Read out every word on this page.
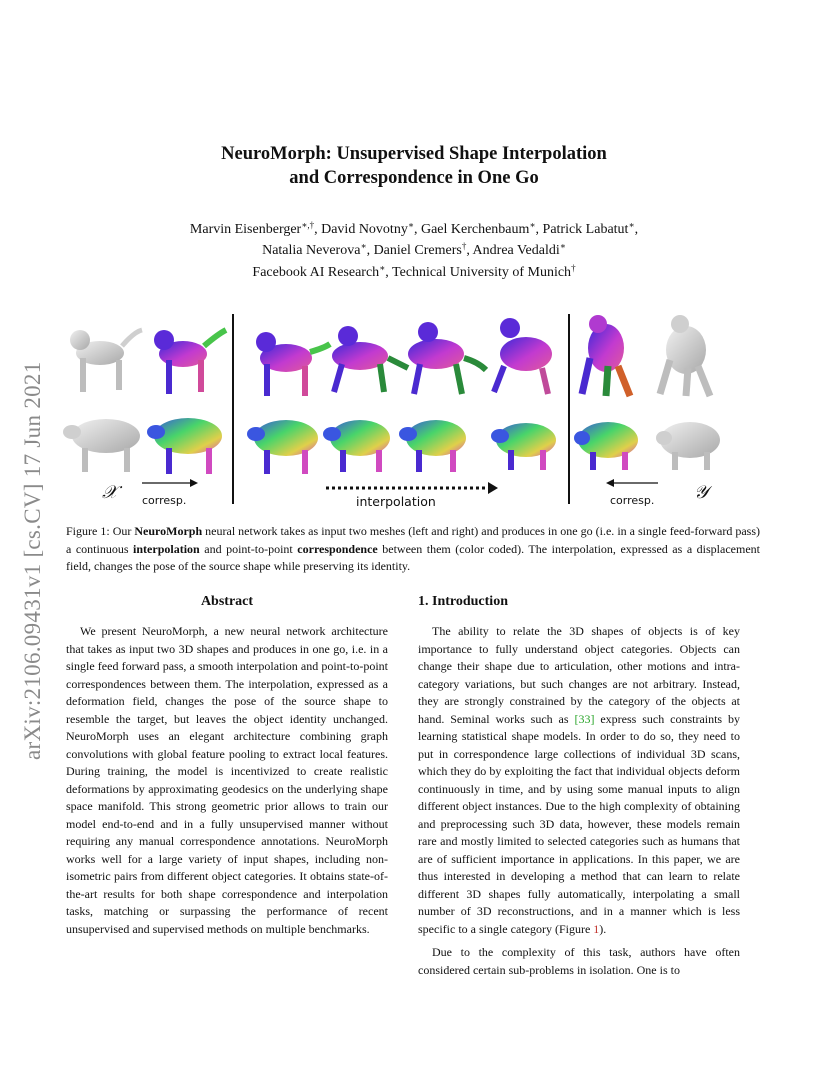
arXiv:2106.09431v1 [cs.CV] 17 Jun 2021
NeuroMorph: Unsupervised Shape Interpolation
and Correspondence in One Go
Marvin Eisenberger∗,†, David Novotny∗, Gael Kerchenbaum∗, Patrick Labatut∗,
Natalia Neverova∗, Daniel Cremers†, Andrea Vedaldi∗
Facebook AI Research∗, Technical University of Munich†
𝒳 corresp.	interpolation	corresp. 𝒴
Figure 1: Our NeuroMorph neural network takes as input two meshes (left and right) and produces in one go (i.e. in a single feed-forward pass) a continuous interpolation and point-to-point correspondence between them (color coded). The interpolation, expressed as a displacement field, changes the pose of the source shape while preserving its identity.
Abstract	1. Introduction

We present NeuroMorph, a new neural network architecture that takes as input two 3D shapes and produces in one go, i.e. in a single feed forward pass, a smooth interpolation and point-to-point correspondences between them. The interpolation, expressed as a deformation field, changes the pose of the source shape to resemble the target, but leaves the object identity unchanged. NeuroMorph uses an elegant architecture combining graph convolutions with global feature pooling to extract local features. During training, the model is incentivized to create realistic deformations by approximating geodesics on the underlying shape space manifold. This strong geometric prior allows to train our model end-to-end and in a fully unsupervised manner without requiring any manual correspondence annotations. NeuroMorph works well for a large variety of input shapes, including non-isometric pairs from different object categories. It obtains state-of-the-art results for both shape correspondence and interpolation tasks, matching or surpassing the performance of recent unsupervised and supervised methods on multiple benchmarks.

The ability to relate the 3D shapes of objects is of key importance to fully understand object categories. Objects can change their shape due to articulation, other motions and intra-category variations, but such changes are not arbitrary. Instead, they are strongly constrained by the category of the objects at hand. Seminal works such as [33] express such constraints by learning statistical shape models. In order to do so, they need to put in correspondence large collections of individual 3D scans, which they do by exploiting the fact that individual objects deform continuously in time, and by using some manual inputs to align different object instances. Due to the high complexity of obtaining and preprocessing such 3D data, however, these models remain rare and mostly limited to selected categories such as humans that are of sufficient importance in applications. In this paper, we are thus interested in developing a method that can learn to relate different 3D shapes fully automatically, interpolating a small number of 3D reconstructions, and in a manner which is less specific to a single category (Figure 1).

Due to the complexity of this task, authors have often considered certain sub-problems in isolation. One is to
